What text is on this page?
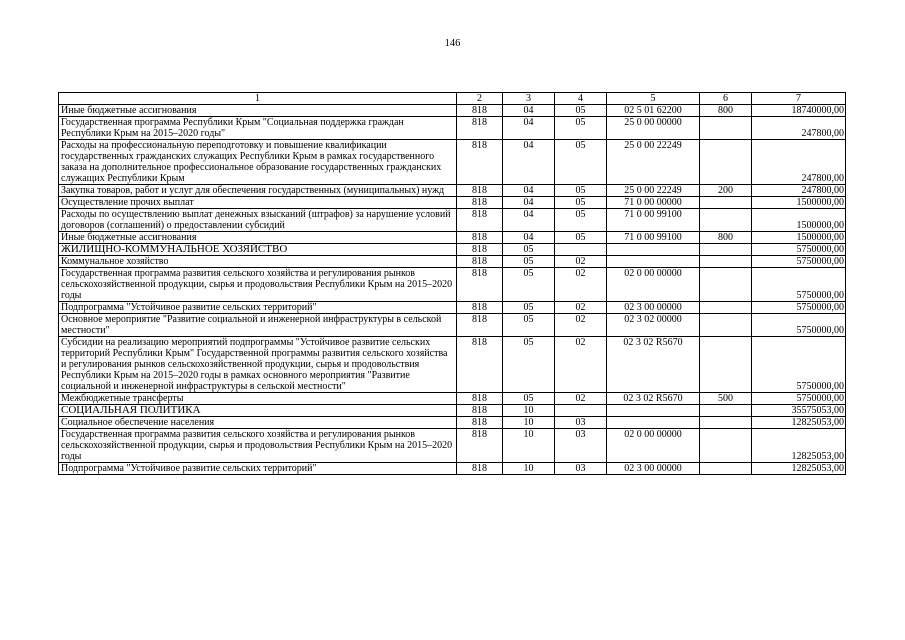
146
1	2	3	4	5	6	7
Иные бюджетные ассигнования	818	04	05	02 5 01 62200	800	18740000,00
Государственная программа Республики Крым "Социальная поддержка граждан Республики Крым на 2015–2020 годы"	818	04	05	25 0 00 00000		247800,00
Расходы на профессиональную переподготовку и повышение квалификации государственных гражданских служащих Республики Крым в рамках государственного заказа на дополнительное профессиональное образование государственных гражданских служащих Республики Крым	818	04	05	25 0 00 22249		247800,00
Закупка товаров, работ и услуг для обеспечения государственных (муниципальных) нужд	818	04	05	25 0 00 22249	200	247800,00
Осуществление прочих выплат	818	04	05	71 0 00 00000		1500000,00
Расходы по осуществлению выплат денежных взысканий (штрафов) за нарушение условий договоров (соглашений) о предоставлении субсидий	818	04	05	71 0 00 99100		1500000,00
Иные бюджетные ассигнования	818	04	05	71 0 00 99100	800	1500000,00
ЖИЛИЩНО-КОММУНАЛЬНОЕ ХОЗЯЙСТВО	818	05				5750000,00
Коммунальное хозяйство	818	05	02			5750000,00
Государственная программа развития сельского хозяйства и регулирования рынков сельскохозяйственной продукции, сырья и продовольствия Республики Крым на 2015–2020 годы	818	05	02	02 0 00 00000		5750000,00
Подпрограмма "Устойчивое развитие сельских территорий"	818	05	02	02 3 00 00000		5750000,00
Основное мероприятие "Развитие социальной и инженерной инфраструктуры в сельской местности"	818	05	02	02 3 02 00000		5750000,00
Субсидии на реализацию мероприятий подпрограммы "Устойчивое развитие сельских территорий Республики Крым" Государственной программы развития сельского хозяйства и регулирования рынков сельскохозяйственной продукции, сырья и продовольствия Республики Крым на 2015–2020 годы в рамках основного мероприятия "Развитие социальной и инженерной инфраструктуры в сельской местности"	818	05	02	02 3 02 R5670		5750000,00
Межбюджетные трансферты	818	05	02	02 3 02 R5670	500	5750000,00
СОЦИАЛЬНАЯ ПОЛИТИКА	818	10				35575053,00
Социальное обеспечение населения	818	10	03			12825053,00
Государственная программа развития сельского хозяйства и регулирования рынков сельскохозяйственной продукции, сырья и продовольствия Республики Крым на 2015–2020 годы	818	10	03	02 0 00 00000		12825053,00
Подпрограмма "Устойчивое развитие сельских территорий"	818	10	03	02 3 00 00000		12825053,00
